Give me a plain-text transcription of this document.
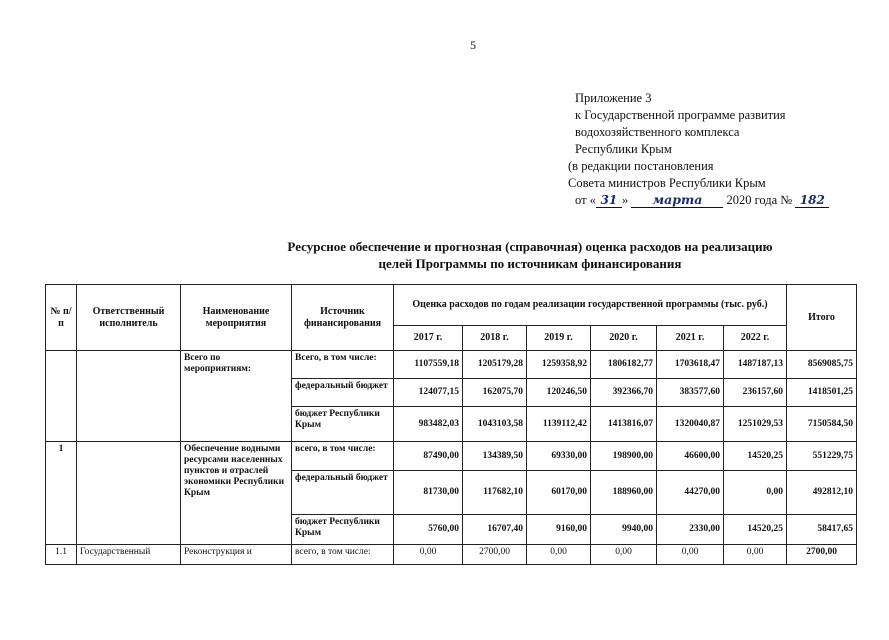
5
Приложение 3
к Государственной программе развития
водохозяйственного комплекса
Республики Крым
(в редакции постановления
Совета министров Республики Крым
от « 31 » марта 2020 года № 182
Ресурсное обеспечение и прогнозная (справочная) оценка расходов на реализацию
целей Программы по источникам финансирования
№ п/п	Ответственный исполнитель	Наименование мероприятия	Источник финансирования	Оценка расходов по годам реализации государственной программы (тыс. руб.)						Итого
				2017 г.	2018 г.	2019 г.	2020 г.	2021 г.	2022 г.	
		Всего по мероприятиям:	Всего, в том числе:	1107559,18	1205179,28	1259358,92	1806182,77	1703618,47	1487187,13	8569085,75
			федеральный бюджет	124077,15	162075,70	120246,50	392366,70	383577,60	236157,60	1418501,25
			бюджет Республики Крым	983482,03	1043103,58	1139112,42	1413816,07	1320040,87	1251029,53	7150584,50
1		Обеспечение водными ресурсами населенных пунктов и отраслей экономики Республики Крым	всего, в том числе:	87490,00	134389,50	69330,00	198900,00	46600,00	14520,25	551229,75
			федеральный бюджет	81730,00	117682,10	60170,00	188960,00	44270,00	0,00	492812,10
			бюджет Республики Крым	5760,00	16707,40	9160,00	9940,00	2330,00	14520,25	58417,65
1.1	Государственный	Реконструкция и	всего, в том числе:	0,00	2700,00	0,00	0,00	0,00	0,00	2700,00
